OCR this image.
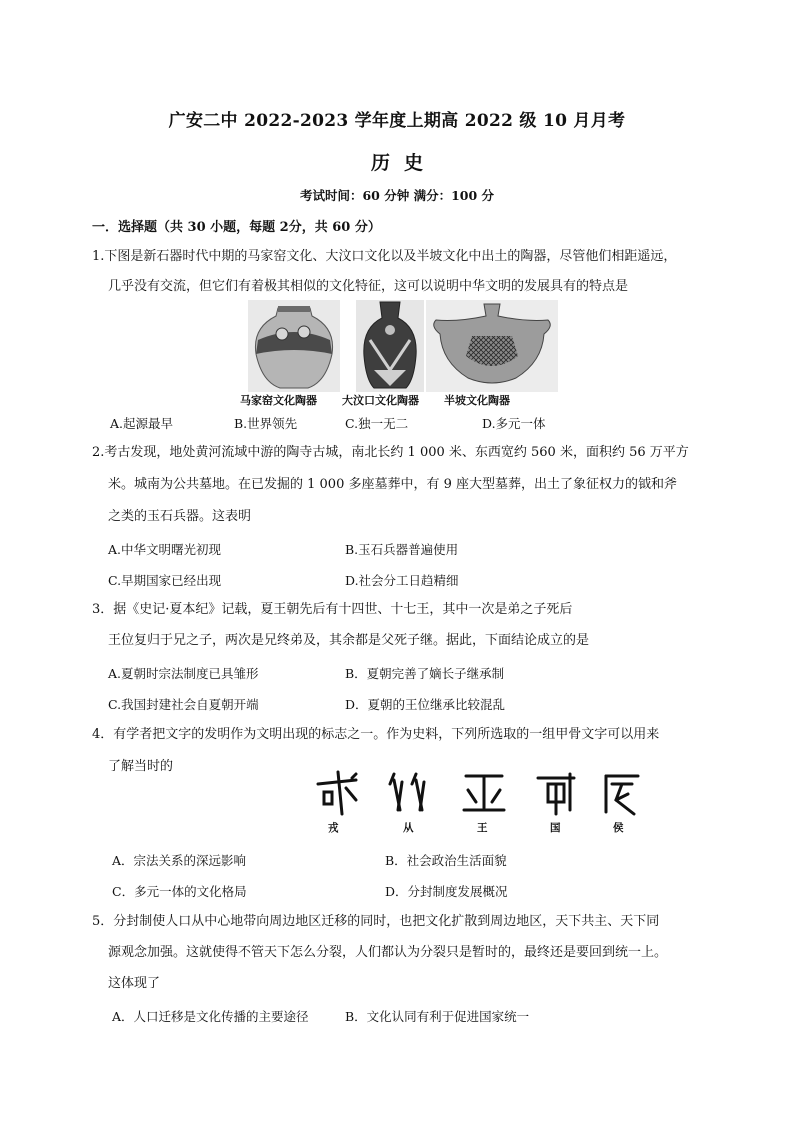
广安二中 2022-2023 学年度上期高 2022 级 10 月月考
历史
考试时间：60 分钟 满分：100 分
一．选择题（共 30 小题，每题 2分，共 60 分）
1.下图是新石器时代中期的马家窑文化、大汶口文化以及半坡文化中出土的陶器，尽管他们相距遥远，
几乎没有交流，但它们有着极其相似的文化特征，这可以说明中华文明的发展具有的特点是
马家窑文化陶器 大汶口文化陶器 半坡文化陶器
A.起源最早	B.世界领先	C.独一无二	D.多元一体
2.考古发现，地处黄河流域中游的陶寺古城，南北长约 1 000 米、东西宽约 560 米，面积约 56 万平方
米。城南为公共墓地。在已发掘的 1 000 多座墓葬中，有 9 座大型墓葬，出土了象征权力的钺和斧
之类的玉石兵器。这表明
A.中华文明曙光初现	B.玉石兵器普遍使用
C.早期国家已经出现	D.社会分工日趋精细
3．据《史记·夏本纪》记载，夏王朝先后有十四世、十七王，其中一次是弟之子死后
王位复归于兄之子，两次是兄终弟及，其余都是父死子继。据此，下面结论成立的是
A.夏朝时宗法制度已具雏形	B．夏朝完善了嫡长子继承制
C.我国封建社会自夏朝开端	D．夏朝的王位继承比较混乱
4．有学者把文字的发明作为文明出现的标志之一。作为史料，下列所选取的一组甲骨文字可以用来
了解当时的
戎	从	王	国	侯
A．宗法关系的深远影响	B．社会政治生活面貌
C．多元一体的文化格局	D．分封制度发展概况
5．分封制使人口从中心地带向周边地区迁移的同时，也把文化扩散到周边地区，天下共主、天下同
源观念加强。这就使得不管天下怎么分裂，人们都认为分裂只是暂时的，最终还是要回到统一上。
这体现了
A．人口迁移是文化传播的主要途径	B．文化认同有利于促进国家统一
